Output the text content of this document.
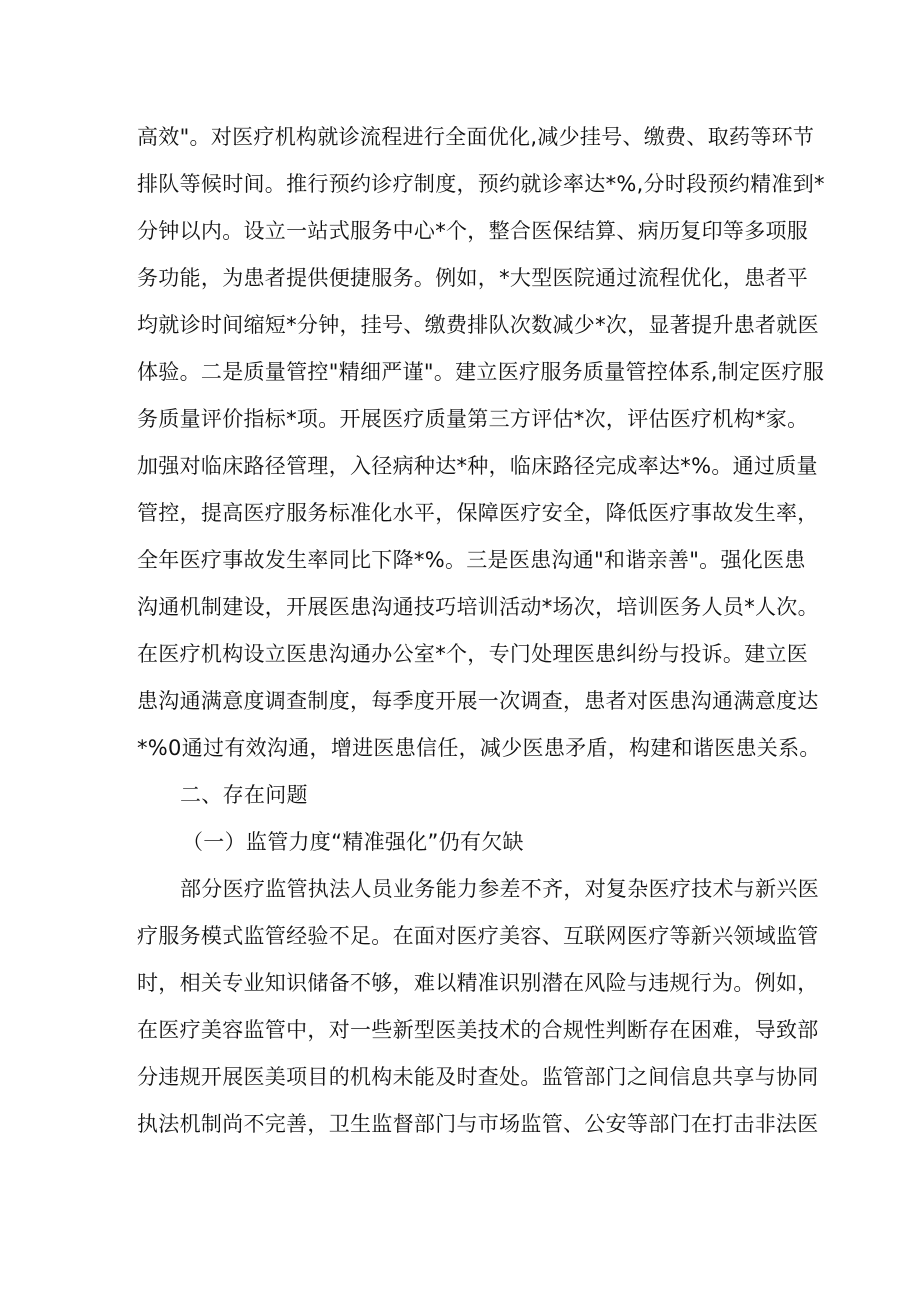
高效"。对医疗机构就诊流程进行全面优化,减少挂号、缴费、取药等环节
排队等候时间。推行预约诊疗制度，预约就诊率达*%,分时段预约精准到*
分钟以内。设立一站式服务中心*个，整合医保结算、病历复印等多项服
务功能，为患者提供便捷服务。例如，*大型医院通过流程优化，患者平
均就诊时间缩短*分钟，挂号、缴费排队次数减少*次，显著提升患者就医
体验。二是质量管控"精细严谨"。建立医疗服务质量管控体系,制定医疗服
务质量评价指标*项。开展医疗质量第三方评估*次，评估医疗机构*家。
加强对临床路径管理，入径病种达*种，临床路径完成率达*%。通过质量
管控，提高医疗服务标准化水平，保障医疗安全，降低医疗事故发生率，
全年医疗事故发生率同比下降*%。三是医患沟通"和谐亲善"。强化医患
沟通机制建设，开展医患沟通技巧培训活动*场次，培训医务人员*人次。
在医疗机构设立医患沟通办公室*个，专门处理医患纠纷与投诉。建立医
患沟通满意度调查制度，每季度开展一次调查，患者对医患沟通满意度达
*%0通过有效沟通，增进医患信任，减少医患矛盾，构建和谐医患关系。
二、存在问题
（一）监管力度“精准强化”仍有欠缺
部分医疗监管执法人员业务能力参差不齐，对复杂医疗技术与新兴医
疗服务模式监管经验不足。在面对医疗美容、互联网医疗等新兴领域监管
时，相关专业知识储备不够，难以精准识别潜在风险与违规行为。例如，
在医疗美容监管中，对一些新型医美技术的合规性判断存在困难，导致部
分违规开展医美项目的机构未能及时查处。监管部门之间信息共享与协同
执法机制尚不完善，卫生监督部门与市场监管、公安等部门在打击非法医
